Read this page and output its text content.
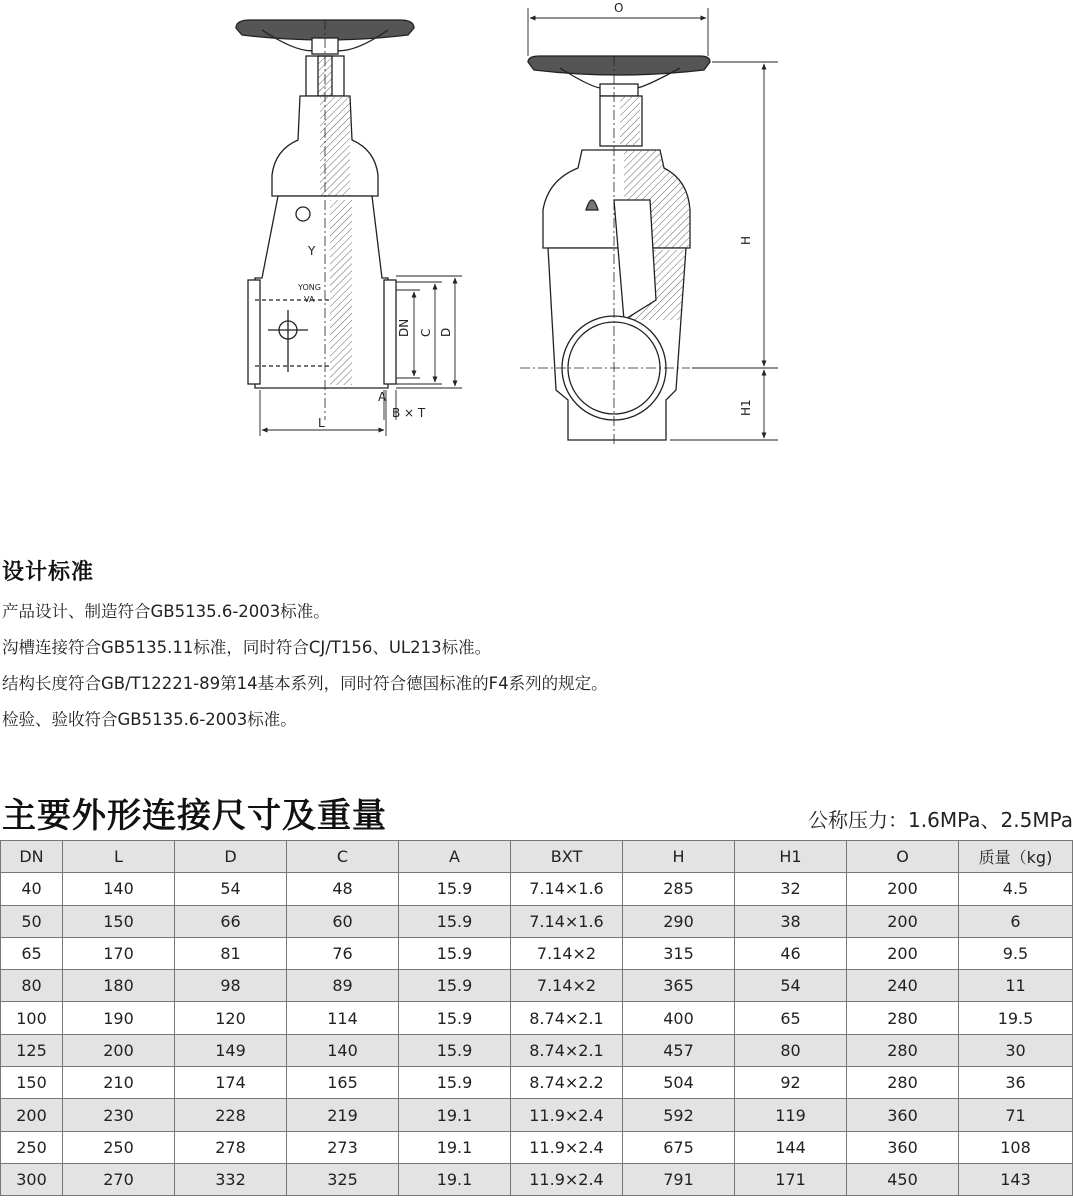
Y
YONG
VA
DN C D
A
B × T
L
O
H
H1
设计标准
产品设计、制造符合GB5135.6-2003标准。
沟槽连接符合GB5135.11标准，同时符合CJ/T156、UL213标准。
结构长度符合GB/T12221-89第14基本系列，同时符合德国标准的F4系列的规定。
检验、验收符合GB5135.6-2003标准。
主要外形连接尺寸及重量	公称压力：1.6MPa、2.5MPa
DN	L	D	C	A	BXT	H	H1	O	质量（kg)
40	140	54	48	15.9	7.14×1.6	285	32	200	4.5
50	150	66	60	15.9	7.14×1.6	290	38	200	6
65	170	81	76	15.9	7.14×2	315	46	200	9.5
80	180	98	89	15.9	7.14×2	365	54	240	11
100	190	120	114	15.9	8.74×2.1	400	65	280	19.5
125	200	149	140	15.9	8.74×2.1	457	80	280	30
150	210	174	165	15.9	8.74×2.2	504	92	280	36
200	230	228	219	19.1	11.9×2.4	592	119	360	71
250	250	278	273	19.1	11.9×2.4	675	144	360	108
300	270	332	325	19.1	11.9×2.4	791	171	450	143
